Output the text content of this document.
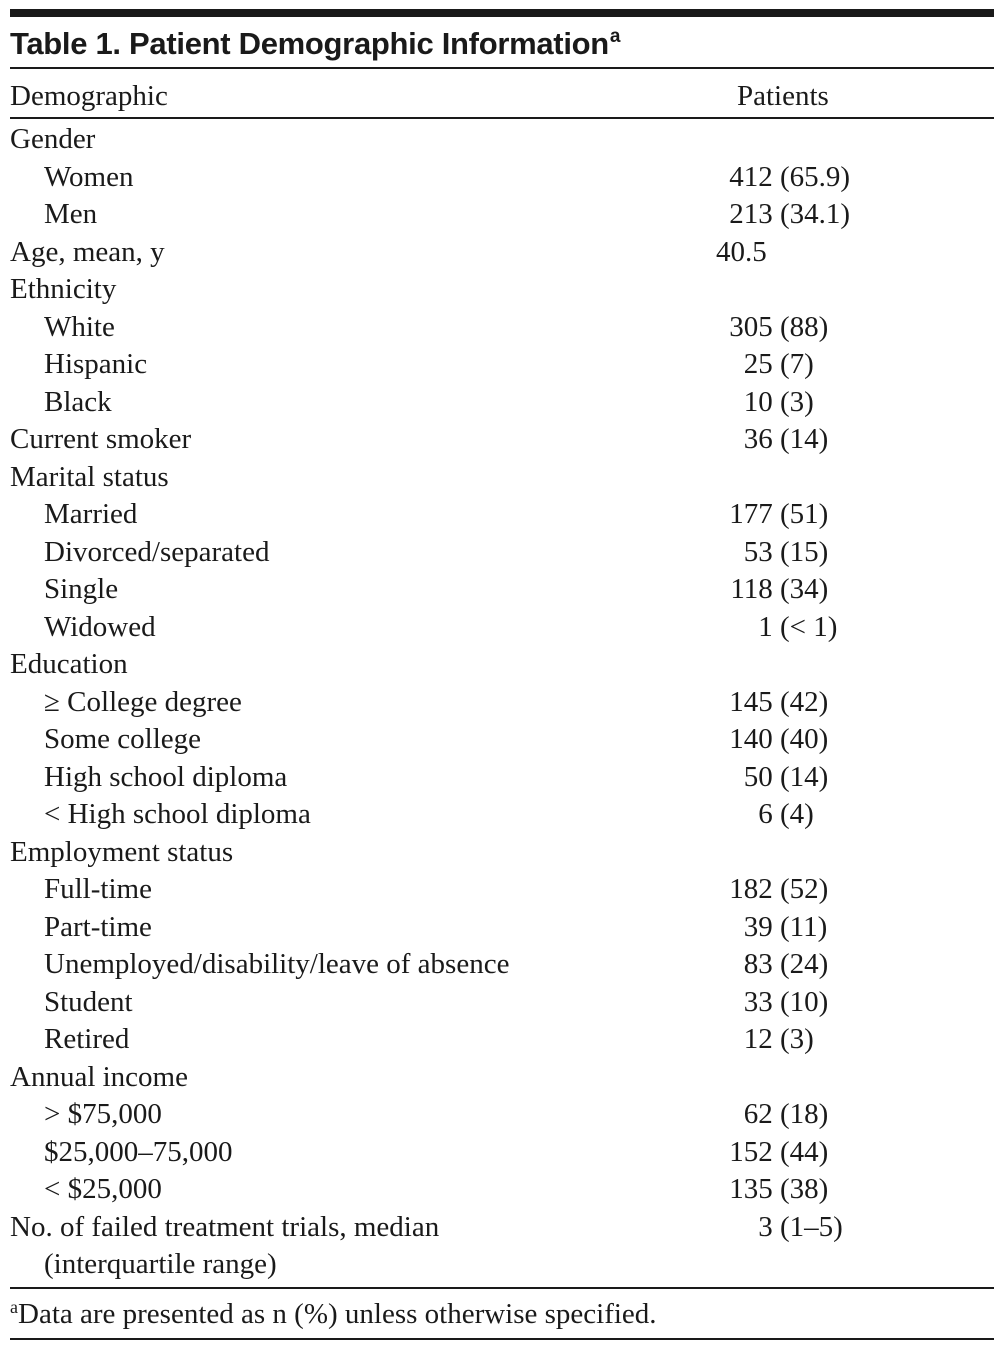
Table 1. Patient Demographic Information$^a$
Demographic	Patients
Gender
Women	412 (65.9)
Men	213 (34.1)
Age, mean, y	40.5
Ethnicity
White	305 (88)
Hispanic	25 (7)
Black	10 (3)
Current smoker	36 (14)
Marital status
Married	177 (51)
Divorced/separated	53 (15)
Single	118 (34)
Widowed	1 (< 1)
Education
≥ College degree	145 (42)
Some college	140 (40)
High school diploma	50 (14)
< High school diploma	6 (4)
Employment status
Full-time	182 (52)
Part-time	39 (11)
Unemployed/disability/leave of absence	83 (24)
Student	33 (10)
Retired	12 (3)
Annual income
> $75,000	62 (18)
$25,000–75,000	152 (44)
< $25,000	135 (38)
No. of failed treatment trials, median	3 (1–5)
(interquartile range)
$^a$Data are presented as n (%) unless otherwise specified.
